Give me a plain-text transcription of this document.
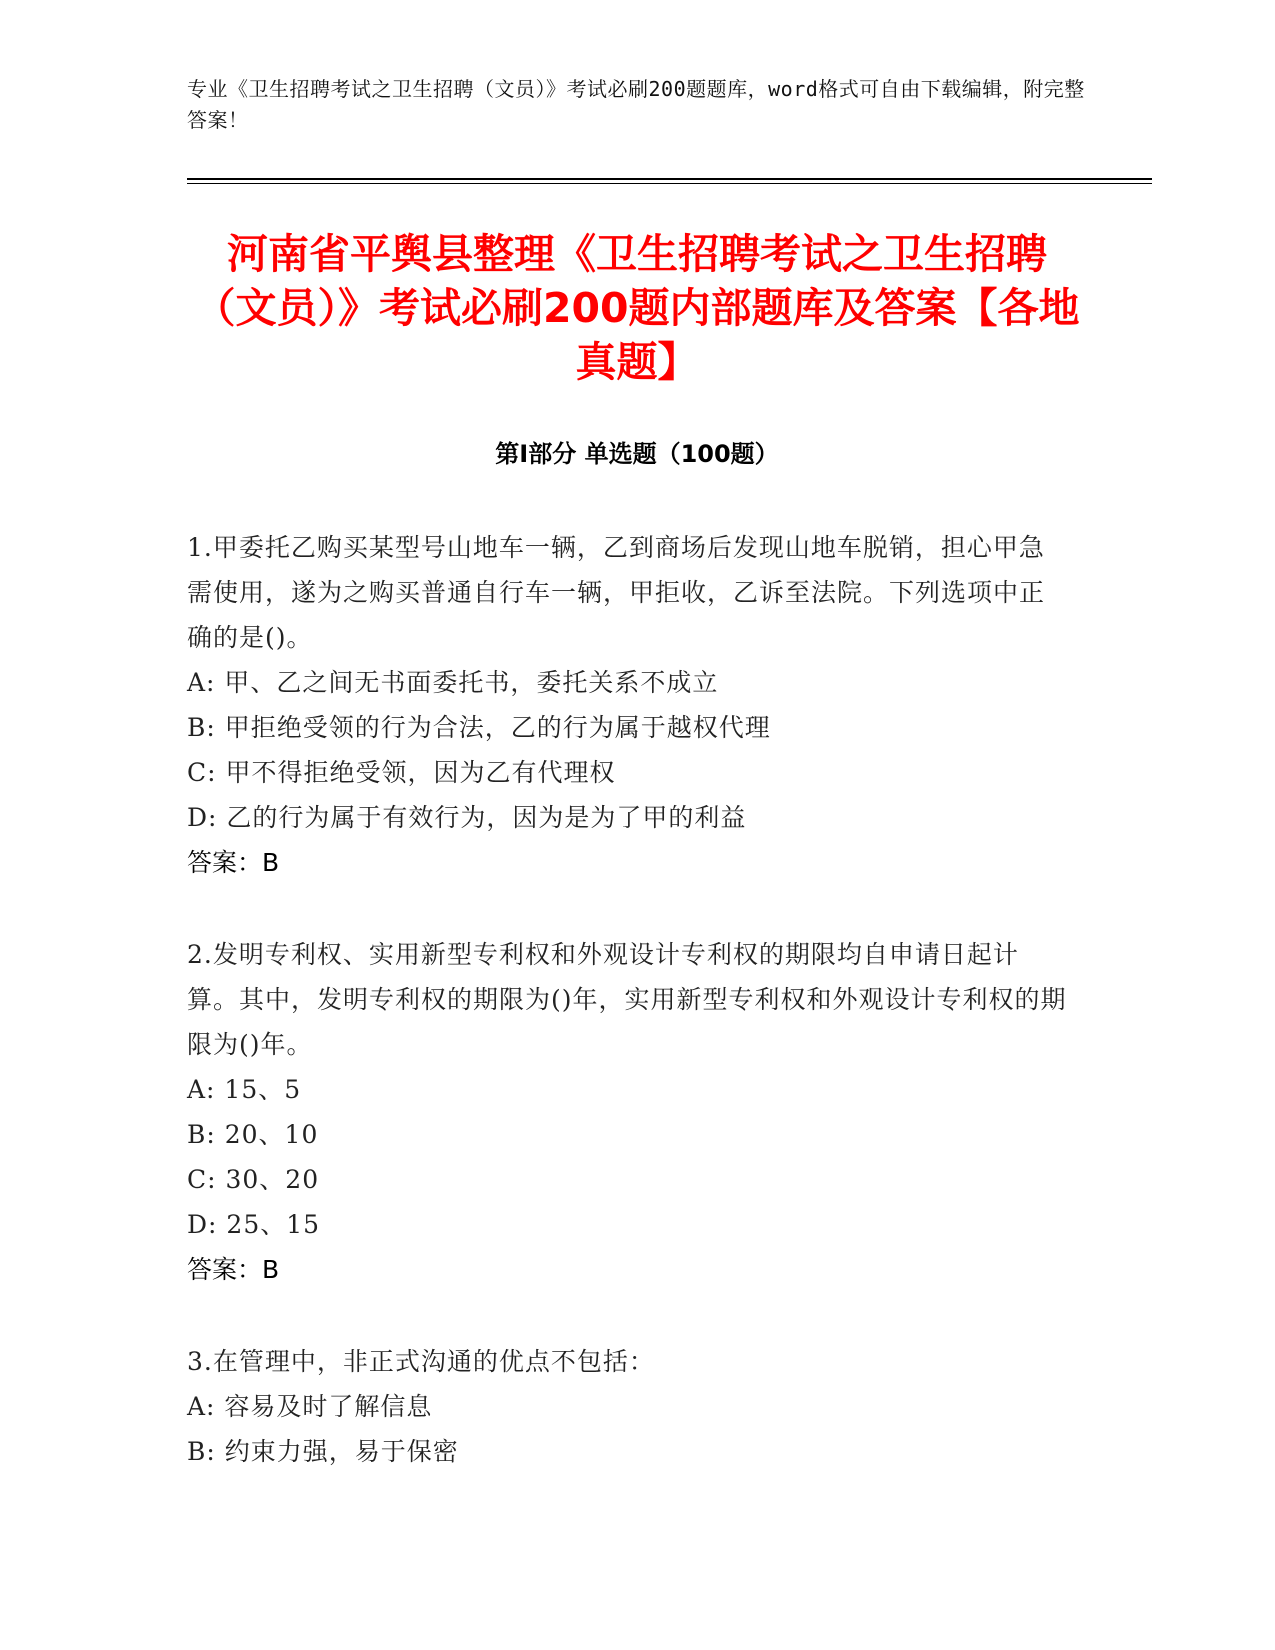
专业《卫生招聘考试之卫生招聘（文员）》考试必刷200题题库，word格式可自由下载编辑，附完整答案！
河南省平舆县整理《卫生招聘考试之卫生招聘（文员）》考试必刷200题内部题库及答案【各地真题】
第Ⅰ部分 单选题（100题）

1.甲委托乙购买某型号山地车一辆，乙到商场后发现山地车脱销，担心甲急需使用，遂为之购买普通自行车一辆，甲拒收，乙诉至法院。下列选项中正确的是()。

A: 甲、乙之间无书面委托书，委托关系不成立

B: 甲拒绝受领的行为合法，乙的行为属于越权代理

C: 甲不得拒绝受领，因为乙有代理权

D: 乙的行为属于有效行为，因为是为了甲的利益

答案：B

2.发明专利权、实用新型专利权和外观设计专利权的期限均自申请日起计算。其中，发明专利权的期限为()年，实用新型专利权和外观设计专利权的期限为()年。

A: 15、5

B: 20、10

C: 30、20

D: 25、15

答案：B

3.在管理中，非正式沟通的优点不包括：

A: 容易及时了解信息

B: 约束力强，易于保密
